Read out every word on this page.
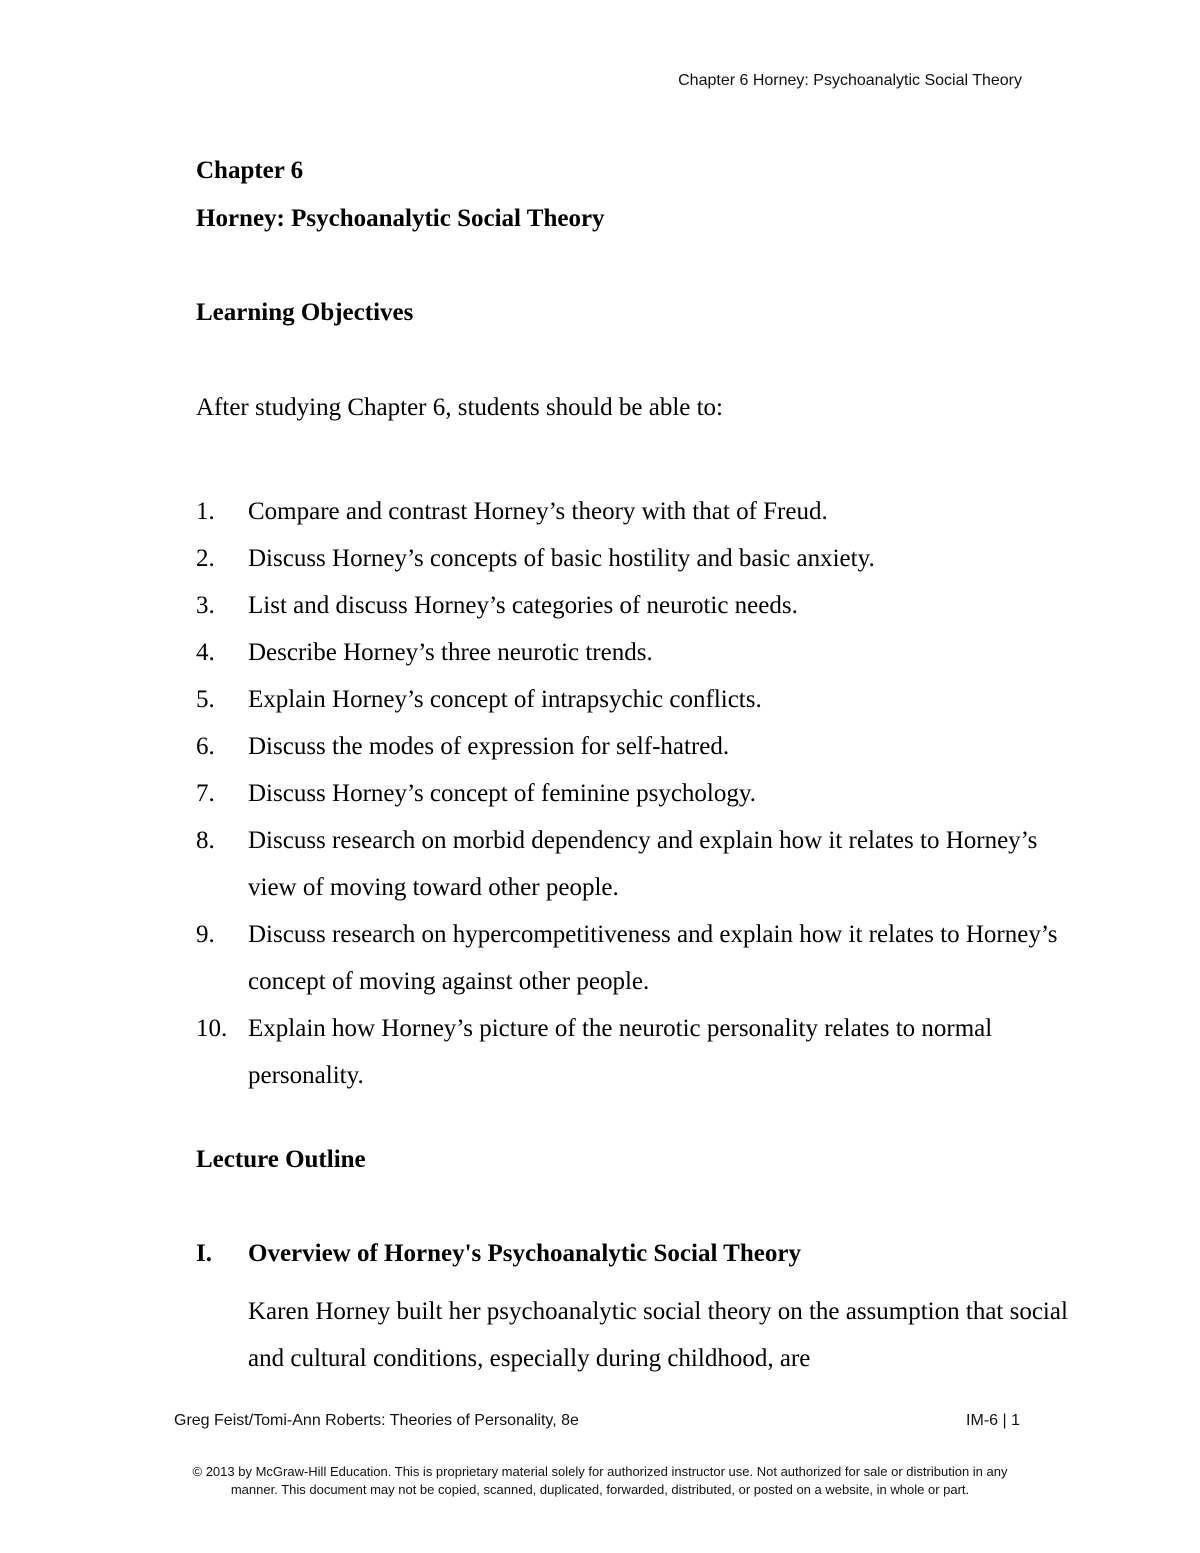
Chapter 6 Horney: Psychoanalytic Social Theory
Chapter 6
Horney: Psychoanalytic Social Theory
Learning Objectives
After studying Chapter 6, students should be able to:
1. Compare and contrast Horney’s theory with that of Freud.
2. Discuss Horney’s concepts of basic hostility and basic anxiety.
3. List and discuss Horney’s categories of neurotic needs.
4. Describe Horney’s three neurotic trends.
5. Explain Horney’s concept of intrapsychic conflicts.
6. Discuss the modes of expression for self-hatred.
7. Discuss Horney’s concept of feminine psychology.
8. Discuss research on morbid dependency and explain how it relates to Horney’s view of moving toward other people.
9. Discuss research on hypercompetitiveness and explain how it relates to Horney’s concept of moving against other people.
10. Explain how Horney’s picture of the neurotic personality relates to normal personality.
Lecture Outline
I. Overview of Horney's Psychoanalytic Social Theory
Karen Horney built her psychoanalytic social theory on the assumption that social and cultural conditions, especially during childhood, are
Greg Feist/Tomi-Ann Roberts: Theories of Personality, 8e	IM-6 | 1
© 2013 by McGraw-Hill Education. This is proprietary material solely for authorized instructor use. Not authorized for sale or distribution in any manner. This document may not be copied, scanned, duplicated, forwarded, distributed, or posted on a website, in whole or part.
